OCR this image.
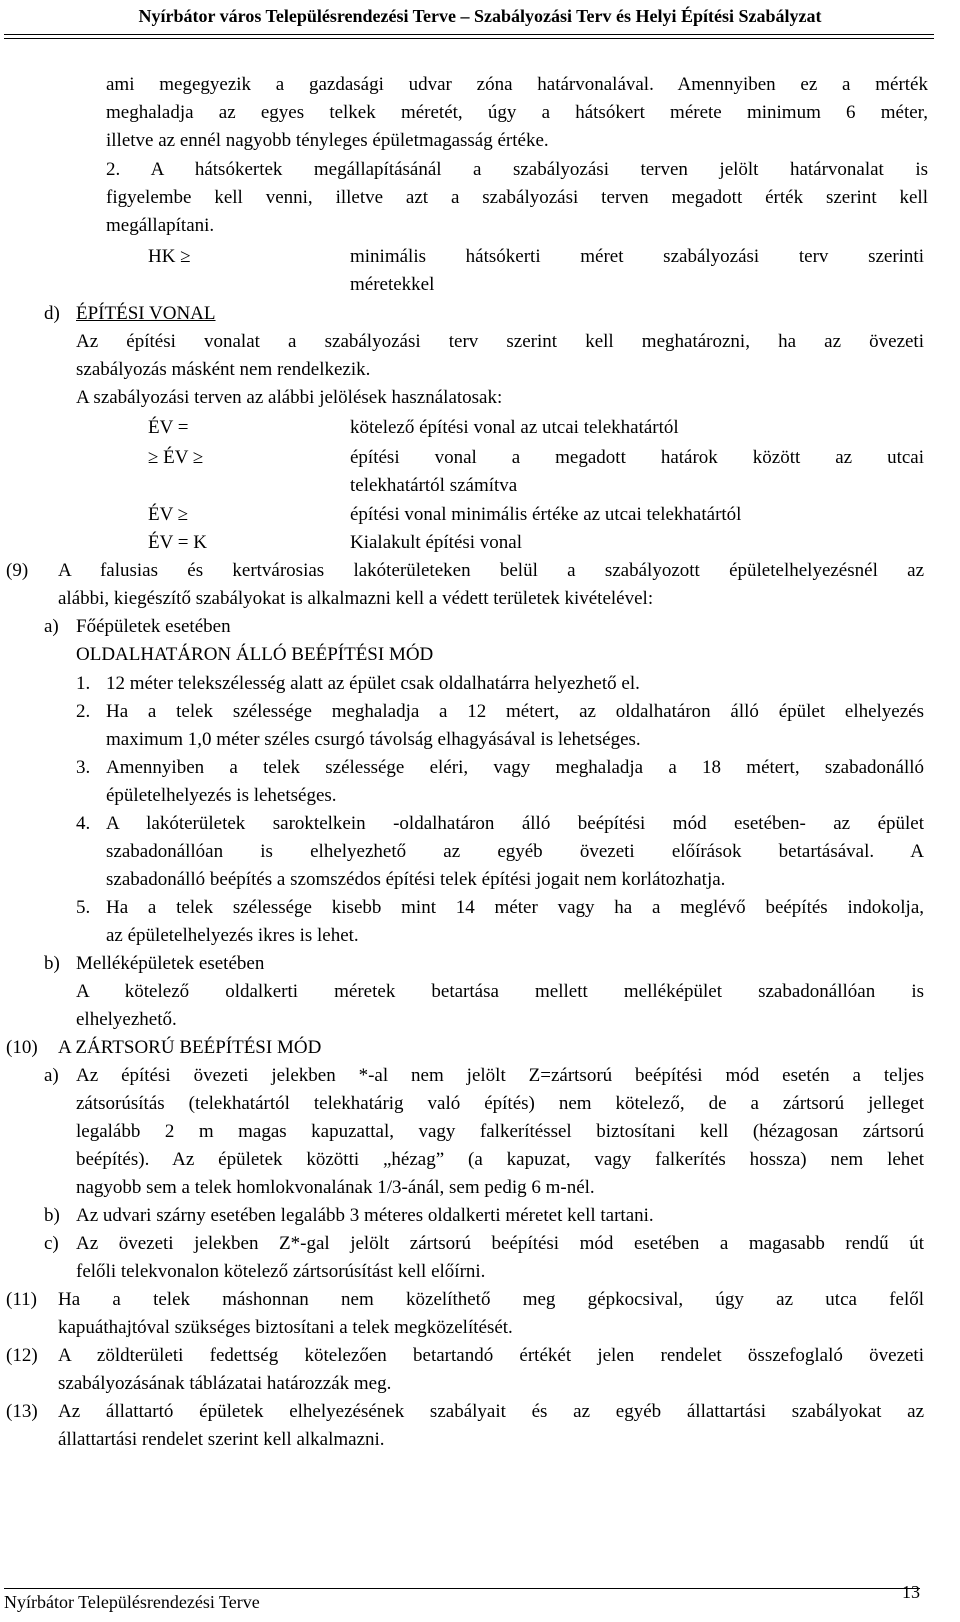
Nyírbátor város Településrendezési Terve – Szabályozási Terv és Helyi Építési Szabályzat
ami megegyezik a gazdasági udvar zóna határvonalával. Amennyiben ez a mérték
meghaladja az egyes telkek méretét, úgy a hátsókert mérete minimum 6 méter,
illetve az ennél nagyobb tényleges épületmagasság értéke.
2. A hátsókertek megállapításánál a szabályozási terven jelölt határvonalat is
figyelembe kell venni, illetve azt a szabályozási terven megadott érték szerint kell
megállapítani.
HK ≥	minimális hátsókerti méret szabályozási terv szerinti
méretekkel
d) ÉPÍTÉSI VONAL
Az építési vonalat a szabályozási terv szerint kell meghatározni, ha az övezeti
szabályozás másként nem rendelkezik.
A szabályozási terven az alábbi jelölések használatosak:
ÉV =	kötelező építési vonal az utcai telekhatártól
≥ ÉV ≥	építési vonal a megadott határok között az utcai
telekhatártól számítva
ÉV ≥	építési vonal minimális értéke az utcai telekhatártól
ÉV = K	Kialakult építési vonal
(9) A falusias és kertvárosias lakóterületeken belül a szabályozott épületelhelyezésnél az
alábbi, kiegészítő szabályokat is alkalmazni kell a védett területek kivételével:
a) Főépületek esetében
OLDALHATÁRON ÁLLÓ BEÉPÍTÉSI MÓD
1. 12 méter telekszélesség alatt az épület csak oldalhatárra helyezhető el.
2. Ha a telek szélessége meghaladja a 12 métert, az oldalhatáron álló épület elhelyezés
maximum 1,0 méter széles csurgó távolság elhagyásával is lehetséges.
3. Amennyiben a telek szélessége eléri, vagy meghaladja a 18 métert, szabadonálló
épületelhelyezés is lehetséges.
4. A lakóterületek saroktelkein -oldalhatáron álló beépítési mód esetében- az épület
szabadonállóan is elhelyezhető az egyéb övezeti előírások betartásával. A
szabadonálló beépítés a szomszédos építési telek építési jogait nem korlátozhatja.
5. Ha a telek szélessége kisebb mint 14 méter vagy ha a meglévő beépítés indokolja,
az épületelhelyezés ikres is lehet.
b) Melléképületek esetében
A kötelező oldalkerti méretek betartása mellett melléképület szabadonállóan is
elhelyezhető.
(10) A ZÁRTSORÚ BEÉPÍTÉSI MÓD
a) Az építési övezeti jelekben *-al nem jelölt Z=zártsorú beépítési mód esetén a teljes
zátsorúsítás (telekhatártól telekhatárig való építés) nem kötelező, de a zártsorú jelleget
legalább 2 m magas kapuzattal, vagy falkerítéssel biztosítani kell (hézagosan zártsorú
beépítés). Az épületek közötti „hézag” (a kapuzat, vagy falkerítés hossza) nem lehet
nagyobb sem a telek homlokvonalának 1/3-ánál, sem pedig 6 m-nél.
b) Az udvari szárny esetében legalább 3 méteres oldalkerti méretet kell tartani.
c) Az övezeti jelekben Z*-gal jelölt zártsorú beépítési mód esetében a magasabb rendű út
felőli telekvonalon kötelező zártsorúsítást kell előírni.
(11) Ha a telek máshonnan nem közelíthető meg gépkocsival, úgy az utca felől
kapuáthajtóval szükséges biztosítani a telek megközelítését.
(12) A zöldterületi fedettség kötelezően betartandó értékét jelen rendelet összefoglaló övezeti
szabályozásának táblázatai határozzák meg.
(13) Az állattartó épületek elhelyezésének szabályait és az egyéb állattartási szabályokat az
állattartási rendelet szerint kell alkalmazni.
Nyírbátor Településrendezési Terve	13
